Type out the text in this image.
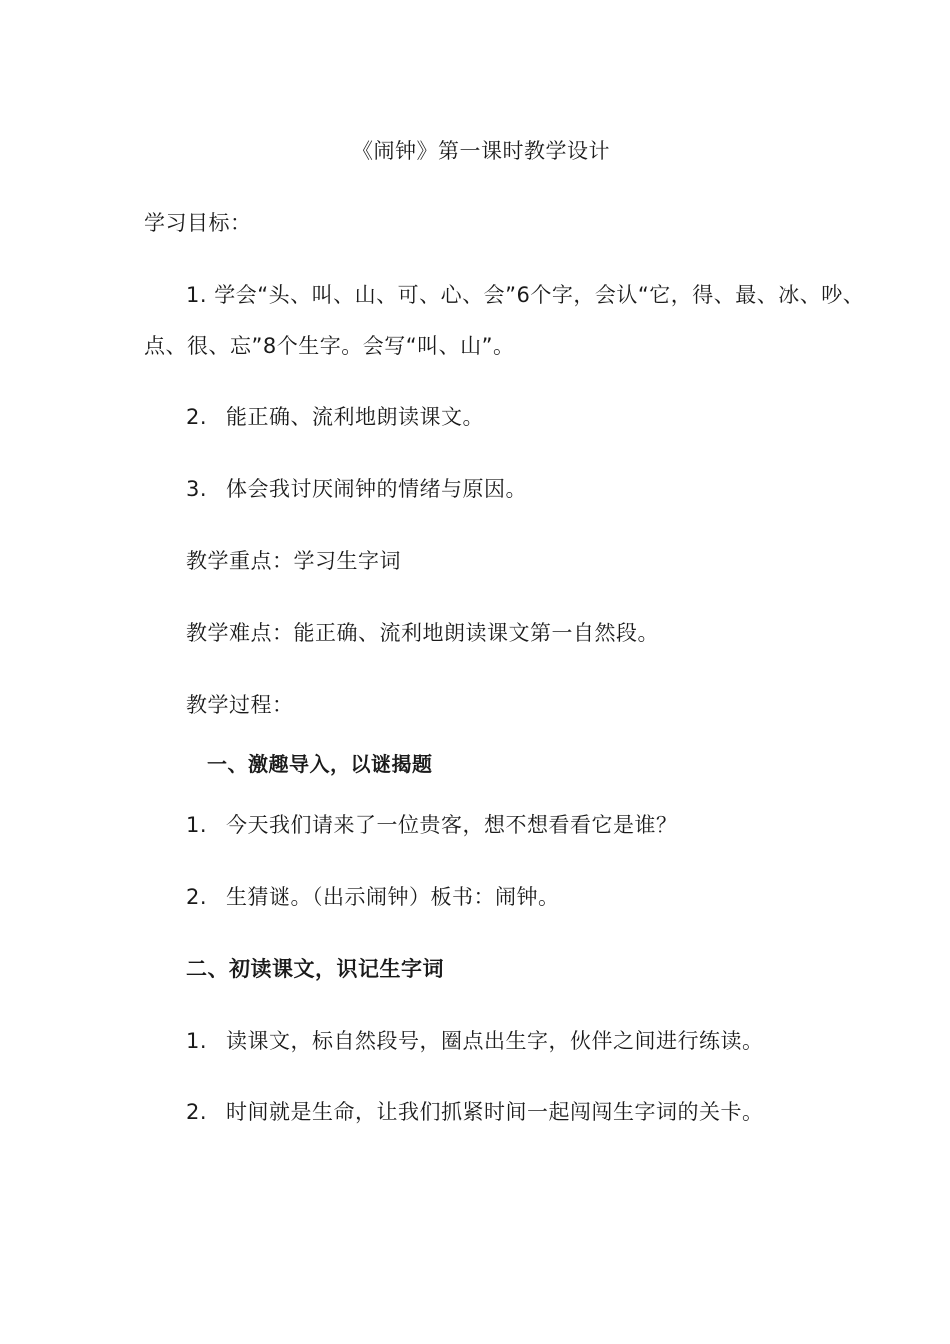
《闹钟》第一课时教学设计
学习目标：
1. 学会“头、叫、山、可、心、会”6个字，会认“它，得、最、冰、吵、
点、很、忘”8个生字。会写“叫、山”。
2. 能正确、流利地朗读课文。
3. 体会我讨厌闹钟的情绪与原因。
教学重点：学习生字词
教学难点：能正确、流利地朗读课文第一自然段。
教学过程：
一、激趣导入，以谜揭题
1. 今天我们请来了一位贵客，想不想看看它是谁？
2. 生猜谜。（出示闹钟）板书：闹钟。
二、初读课文，识记生字词
1. 读课文，标自然段号，圈点出生字，伙伴之间进行练读。
2. 时间就是生命，让我们抓紧时间一起闯闯生字词的关卡。
